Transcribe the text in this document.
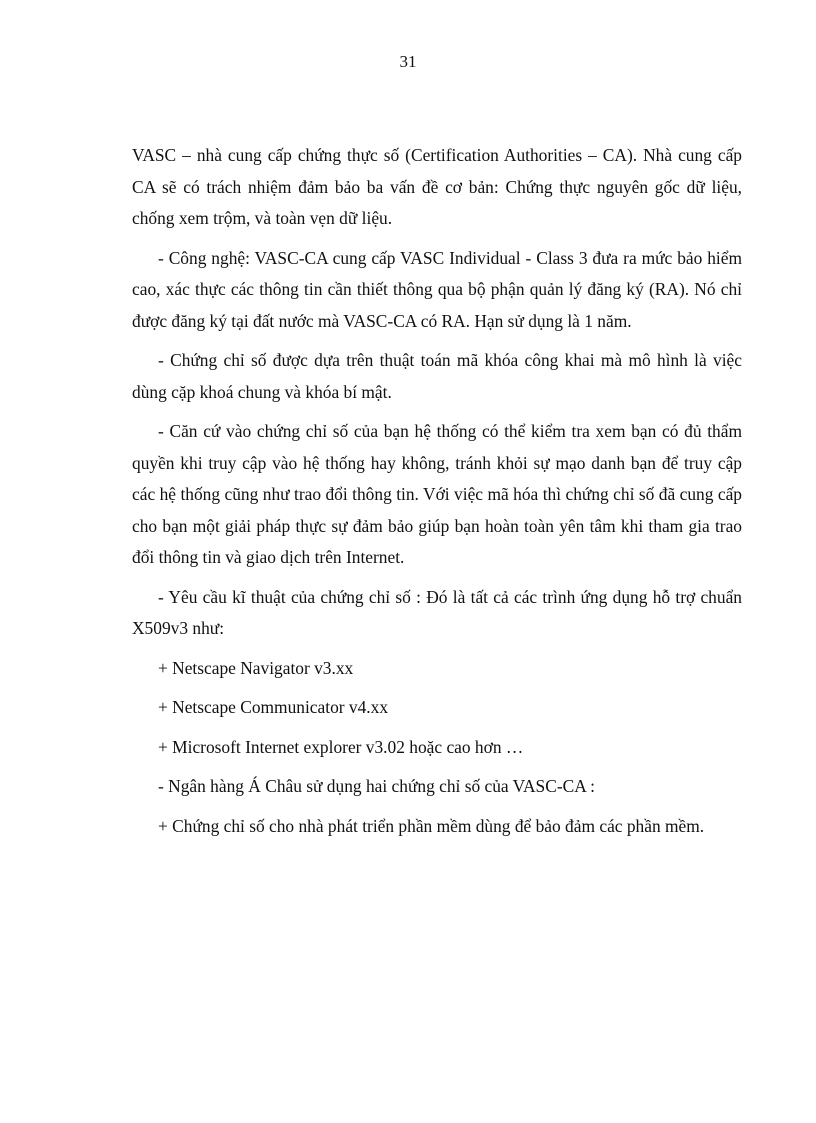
31

VASC – nhà cung cấp chứng thực số (Certification Authorities – CA). Nhà cung cấp CA sẽ có trách nhiệm đảm bảo ba vấn đề cơ bản: Chứng thực nguyên gốc dữ liệu, chống xem trộm, và toàn vẹn dữ liệu.

- Công nghệ: VASC-CA cung cấp VASC Individual - Class 3 đưa ra mức bảo hiểm cao, xác thực các thông tin cần thiết thông qua bộ phận quản lý đăng ký (RA). Nó chỉ được đăng ký tại đất nước mà VASC-CA có RA. Hạn sử dụng là 1 năm.

- Chứng chỉ số được dựa trên thuật toán mã khóa công khai mà mô hình là việc dùng cặp khoá chung và khóa bí mật.

- Căn cứ vào chứng chỉ số của bạn hệ thống có thể kiểm tra xem bạn có đủ thẩm quyền khi truy cập vào hệ thống hay không, tránh khỏi sự mạo danh bạn để truy cập các hệ thống cũng như trao đổi thông tin. Với việc mã hóa thì chứng chỉ số đã cung cấp cho bạn một giải pháp thực sự đảm bảo giúp bạn hoàn toàn yên tâm khi tham gia trao đổi thông tin và giao dịch trên Internet.

- Yêu cầu kĩ thuật của chứng chỉ số : Đó là tất cả các trình ứng dụng hỗ trợ chuẩn X509v3 như:

+ Netscape Navigator v3.xx

+ Netscape Communicator v4.xx

+ Microsoft Internet explorer v3.02 hoặc cao hơn …

- Ngân hàng Á Châu sử dụng hai chứng chỉ số của VASC-CA :

+ Chứng chỉ số cho nhà phát triển phần mềm dùng để bảo đảm các phần mềm.
